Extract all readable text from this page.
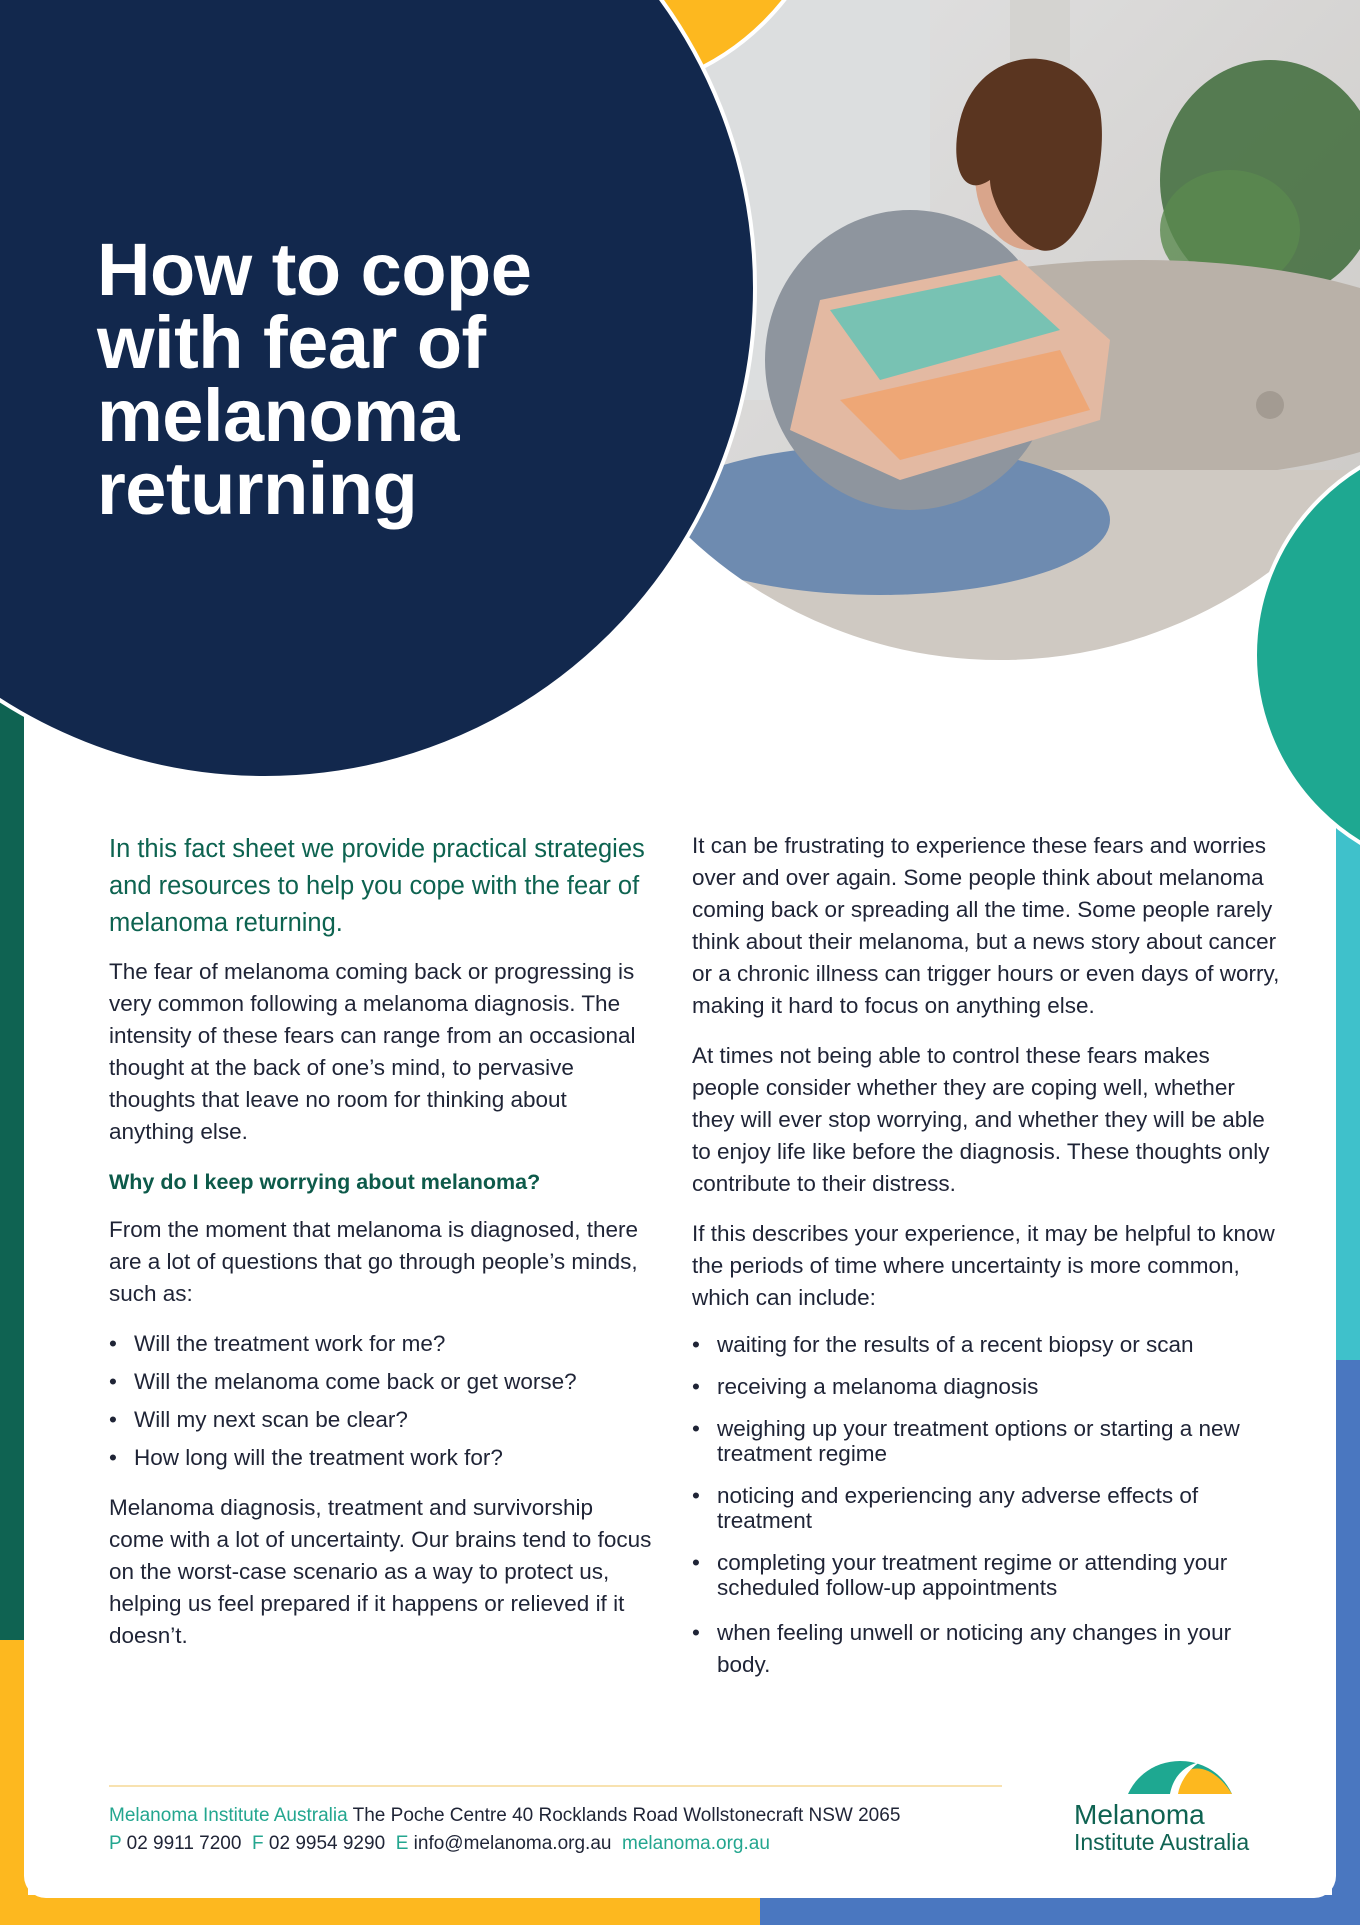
How to cope with fear of melanoma returning

In this fact sheet we provide practical strategies and resources to help you cope with the fear of melanoma returning.

The fear of melanoma coming back or progressing is very common following a melanoma diagnosis. The intensity of these fears can range from an occasional thought at the back of one’s mind, to pervasive thoughts that leave no room for thinking about anything else.

Why do I keep worrying about melanoma?

From the moment that melanoma is diagnosed, there are a lot of questions that go through people’s minds, such as:

• Will the treatment work for me?
• Will the melanoma come back or get worse?
• Will my next scan be clear?
• How long will the treatment work for?

Melanoma diagnosis, treatment and survivorship come with a lot of uncertainty. Our brains tend to focus on the worst-case scenario as a way to protect us, helping us feel prepared if it happens or relieved if it doesn’t.

It can be frustrating to experience these fears and worries over and over again. Some people think about melanoma coming back or spreading all the time. Some people rarely think about their melanoma, but a news story about cancer or a chronic illness can trigger hours or even days of worry, making it hard to focus on anything else.

At times not being able to control these fears makes people consider whether they are coping well, whether they will ever stop worrying, and whether they will be able to enjoy life like before the diagnosis. These thoughts only contribute to their distress.

If this describes your experience, it may be helpful to know the periods of time where uncertainty is more common, which can include:

• waiting for the results of a recent biopsy or scan
• receiving a melanoma diagnosis
• weighing up your treatment options or starting a new treatment regime
• noticing and experiencing any adverse effects of treatment
• completing your treatment regime or attending your scheduled follow-up appointments
• when feeling unwell or noticing any changes in your body.
Melanoma Institute Australia The Poche Centre 40 Rocklands Road Wollstonecraft NSW 2065
P 02 9911 7200 F 02 9954 9290 E info@melanoma.org.au melanoma.org.au
Melanoma
Institute Australia
